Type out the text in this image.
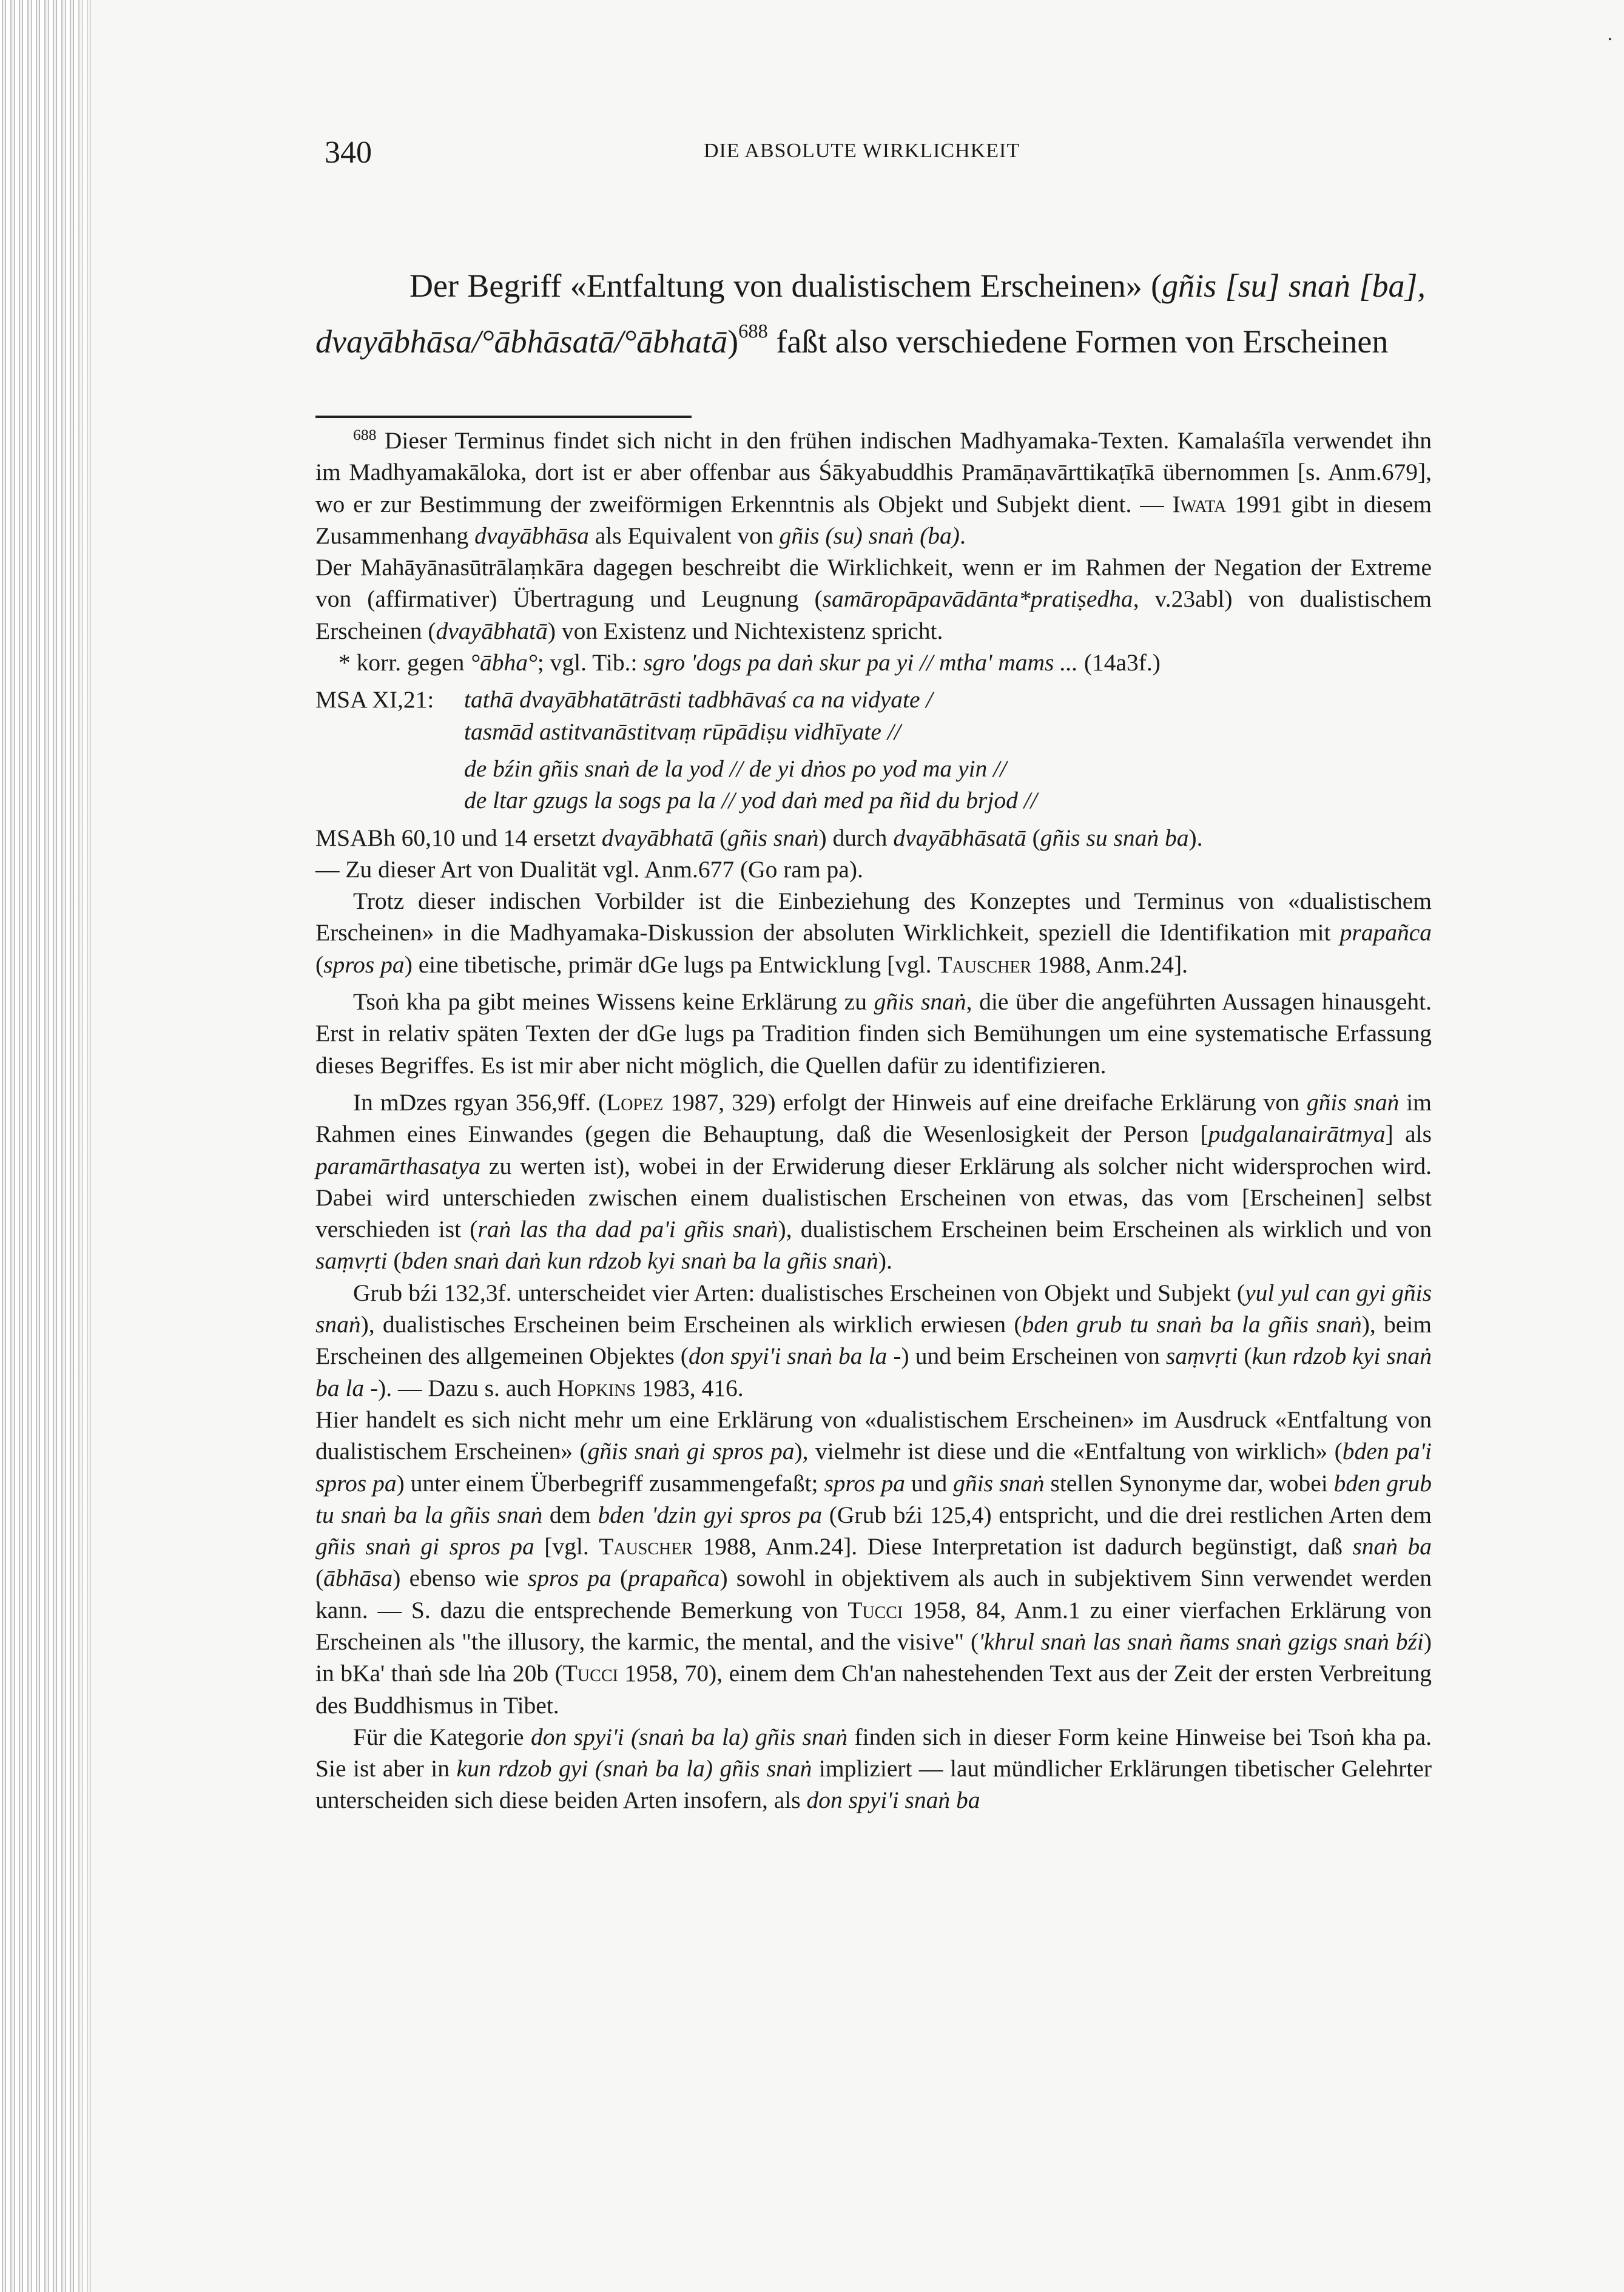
340	DIE ABSOLUTE WIRKLICHKEIT
.
Der Begriff «Entfaltung von dualistischem Erscheinen» (gñis [su] snaṅ [ba], dvayābhāsa/°ābhāsatā/°ābhatā)$^{688}$ faßt also verschiedene Formen von Erscheinen

$^{688}$ Dieser Terminus findet sich nicht in den frühen indischen Madhyamaka-Texten. Kamalaśīla verwendet ihn im Madhyamakāloka, dort ist er aber offenbar aus Śākyabuddhis Pramāṇavārttikaṭīkā übernommen [s. Anm.679], wo er zur Bestimmung der zweiförmigen Erkenntnis als Objekt und Subjekt dient. — Iwata 1991 gibt in diesem Zusammenhang dvayābhāsa als Equivalent von gñis (su) snaṅ (ba).

Der Mahāyānasūtrālaṃkāra dagegen beschreibt die Wirklichkeit, wenn er im Rahmen der Negation der Extreme von (affirmativer) Übertragung und Leugnung (samāropāpavādānta*pratiṣedha, v.23abl) von dualistischem Erscheinen (dvayābhatā) von Existenz und Nichtexistenz spricht.

* korr. gegen °ābha°; vgl. Tib.: sgro 'dogs pa daṅ skur pa yi // mtha' mams ... (14a3f.)

MSA XI,21:	tathā dvayābhatātrāsti tadbhāvaś ca na vidyate /

tasmād astitvanāstitvaṃ rūpādiṣu vidhīyate //

de bźin gñis snaṅ de la yod // de yi dṅos po yod ma yin //

de ltar gzugs la sogs pa la // yod daṅ med pa ñid du brjod //

MSABh 60,10 und 14 ersetzt dvayābhatā (gñis snaṅ) durch dvayābhāsatā (gñis su snaṅ ba).

— Zu dieser Art von Dualität vgl. Anm.677 (Go ram pa).

Trotz dieser indischen Vorbilder ist die Einbeziehung des Konzeptes und Terminus von «dualistischem Erscheinen» in die Madhyamaka-Diskussion der absoluten Wirklichkeit, speziell die Identifikation mit prapañca (spros pa) eine tibetische, primär dGe lugs pa Entwicklung [vgl. Tauscher 1988, Anm.24].

Tsoṅ kha pa gibt meines Wissens keine Erklärung zu gñis snaṅ, die über die angeführten Aussagen hinausgeht. Erst in relativ späten Texten der dGe lugs pa Tradition finden sich Bemühungen um eine systematische Erfassung dieses Begriffes. Es ist mir aber nicht möglich, die Quellen dafür zu identifizieren.

In mDzes rgyan 356,9ff. (Lopez 1987, 329) erfolgt der Hinweis auf eine dreifache Erklärung von gñis snaṅ im Rahmen eines Einwandes (gegen die Behauptung, daß die Wesenlosigkeit der Person [pudgalanairātmya] als paramārthasatya zu werten ist), wobei in der Erwiderung dieser Erklärung als solcher nicht widersprochen wird. Dabei wird unterschieden zwischen einem dualistischen Erscheinen von etwas, das vom [Erscheinen] selbst verschieden ist (raṅ las tha dad pa'i gñis snaṅ), dualistischem Erscheinen beim Erscheinen als wirklich und von saṃvṛti (bden snaṅ daṅ kun rdzob kyi snaṅ ba la gñis snaṅ).

Grub bźi 132,3f. unterscheidet vier Arten: dualistisches Erscheinen von Objekt und Subjekt (yul yul can gyi gñis snaṅ), dualistisches Erscheinen beim Erscheinen als wirklich erwiesen (bden grub tu snaṅ ba la gñis snaṅ), beim Erscheinen des allgemeinen Objektes (don spyi'i snaṅ ba la -) und beim Erscheinen von saṃvṛti (kun rdzob kyi snaṅ ba la -). — Dazu s. auch Hopkins 1983, 416.

Hier handelt es sich nicht mehr um eine Erklärung von «dualistischem Erscheinen» im Ausdruck «Entfaltung von dualistischem Erscheinen» (gñis snaṅ gi spros pa), vielmehr ist diese und die «Entfaltung von wirklich» (bden pa'i spros pa) unter einem Überbegriff zusammengefaßt; spros pa und gñis snaṅ stellen Synonyme dar, wobei bden grub tu snaṅ ba la gñis snaṅ dem bden 'dzin gyi spros pa (Grub bźi 125,4) entspricht, und die drei restlichen Arten dem gñis snaṅ gi spros pa [vgl. Tauscher 1988, Anm.24]. Diese Interpretation ist dadurch begünstigt, daß snaṅ ba (ābhāsa) ebenso wie spros pa (prapañca) sowohl in objektivem als auch in subjektivem Sinn verwendet werden kann. — S. dazu die entsprechende Bemerkung von Tucci 1958, 84, Anm.1 zu einer vierfachen Erklärung von Erscheinen als "the illusory, the karmic, the mental, and the visive" ('khrul snaṅ las snaṅ ñams snaṅ gzigs snaṅ bźi) in bKa' thaṅ sde lṅa 20b (Tucci 1958, 70), einem dem Ch'an nahestehenden Text aus der Zeit der ersten Verbreitung des Buddhismus in Tibet.

Für die Kategorie don spyi'i (snaṅ ba la) gñis snaṅ finden sich in dieser Form keine Hinweise bei Tsoṅ kha pa. Sie ist aber in kun rdzob gyi (snaṅ ba la) gñis snaṅ impliziert — laut mündlicher Erklärungen tibetischer Gelehrter unterscheiden sich diese beiden Arten insofern, als don spyi'i snaṅ ba
